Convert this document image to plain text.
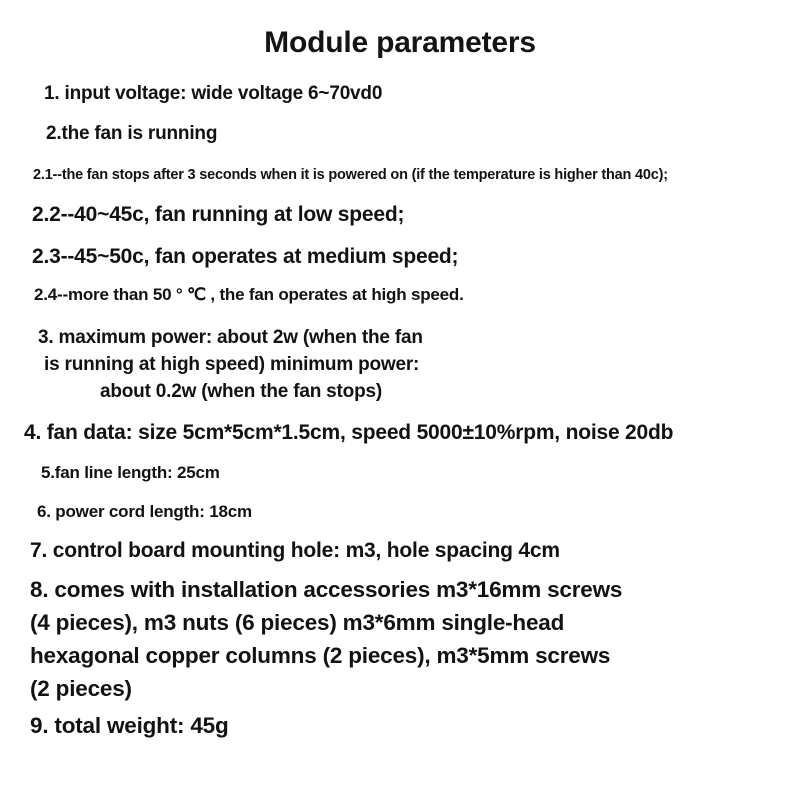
Module parameters
1. input voltage: wide voltage 6~70vd0
2.the fan is running
2.1--the fan stops after 3 seconds when it is powered on (if the temperature is higher than 40c);
2.2--40~45c, fan running at low speed;
2.3--45~50c, fan operates at medium speed;
2.4--more than 50 ° ℃ , the fan operates at high speed.
3. maximum power: about 2w (when the fan
is running at high speed) minimum power:
about 0.2w (when the fan stops)
4. fan data: size 5cm*5cm*1.5cm, speed 5000±10%rpm, noise 20db
5.fan line length: 25cm
6. power cord length: 18cm
7. control board mounting hole: m3, hole spacing 4cm
8. comes with installation accessories m3*16mm screws
(4 pieces), m3 nuts (6 pieces) m3*6mm single-head
hexagonal copper columns (2 pieces), m3*5mm screws
(2 pieces)
9. total weight: 45g
